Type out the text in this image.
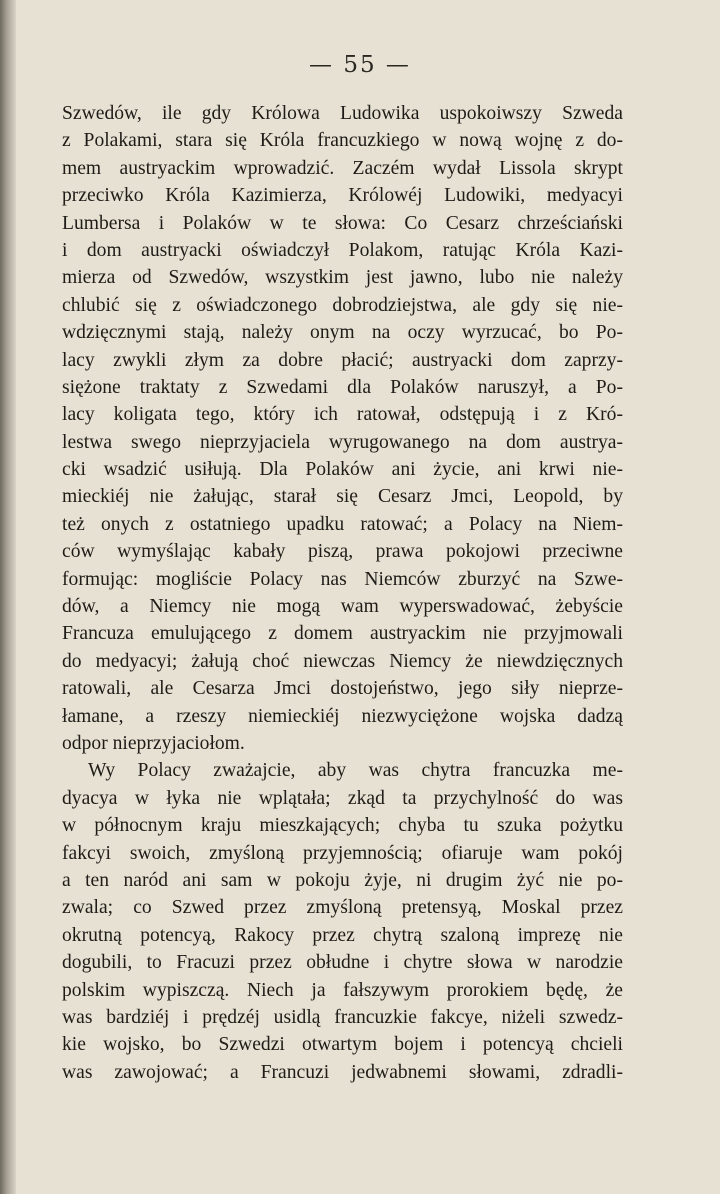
— 55 —
Szwedów, ile gdy Królowa Ludowika uspokoiwszy Szweda
z Polakami, stara się Króla francuzkiego w nową wojnę z do-
mem austryackim wprowadzić. Zaczém wydał Lissola skrypt
przeciwko Króla Kazimierza, Królowéj Ludowiki, medyacyi
Lumbersa i Polaków w te słowa: Co Cesarz chrześciański
i dom austryacki oświadczył Polakom, ratując Króla Kazi-
mierza od Szwedów, wszystkim jest jawno, lubo nie należy
chlubić się z oświadczonego dobrodziejstwa, ale gdy się nie-
wdzięcznymi stają, należy onym na oczy wyrzucać, bo Po-
lacy zwykli złym za dobre płacić; austryacki dom zaprzy-
siężone traktaty z Szwedami dla Polaków naruszył, a Po-
lacy koligata tego, który ich ratował, odstępują i z Kró-
lestwa swego nieprzyjaciela wyrugowanego na dom austrya-
cki wsadzić usiłują. Dla Polaków ani życie, ani krwi nie-
mieckiéj nie żałując, starał się Cesarz Jmci, Leopold, by
też onych z ostatniego upadku ratować; a Polacy na Niem-
ców wymyślając kabały piszą, prawa pokojowi przeciwne
formując: mogliście Polacy nas Niemców zburzyć na Szwe-
dów, a Niemcy nie mogą wam wyperswadować, żebyście
Francuza emulującego z domem austryackim nie przyjmowali
do medyacyi; żałują choć niewczas Niemcy że niewdzięcznych
ratowali, ale Cesarza Jmci dostojeństwo, jego siły nieprze-
łamane, a rzeszy niemieckiéj niezwyciężone wojska dadzą
odpor nieprzyjaciołom.
Wy Polacy zważajcie, aby was chytra francuzka me-
dyacya w łyka nie wplątała; zkąd ta przychylność do was
w północnym kraju mieszkających; chyba tu szuka pożytku
fakcyi swoich, zmyśloną przyjemnością; ofiaruje wam pokój
a ten naród ani sam w pokoju żyje, ni drugim żyć nie po-
zwala; co Szwed przez zmyśloną pretensyą, Moskal przez
okrutną potencyą, Rakocy przez chytrą szaloną imprezę nie
dogubili, to Fracuzi przez obłudne i chytre słowa w narodzie
polskim wypiszczą. Niech ja fałszywym prorokiem będę, że
was bardziéj i prędzéj usidlą francuzkie fakcye, niżeli szwedz-
kie wojsko, bo Szwedzi otwartym bojem i potencyą chcieli
was zawojować; a Francuzi jedwabnemi słowami, zdradli-
